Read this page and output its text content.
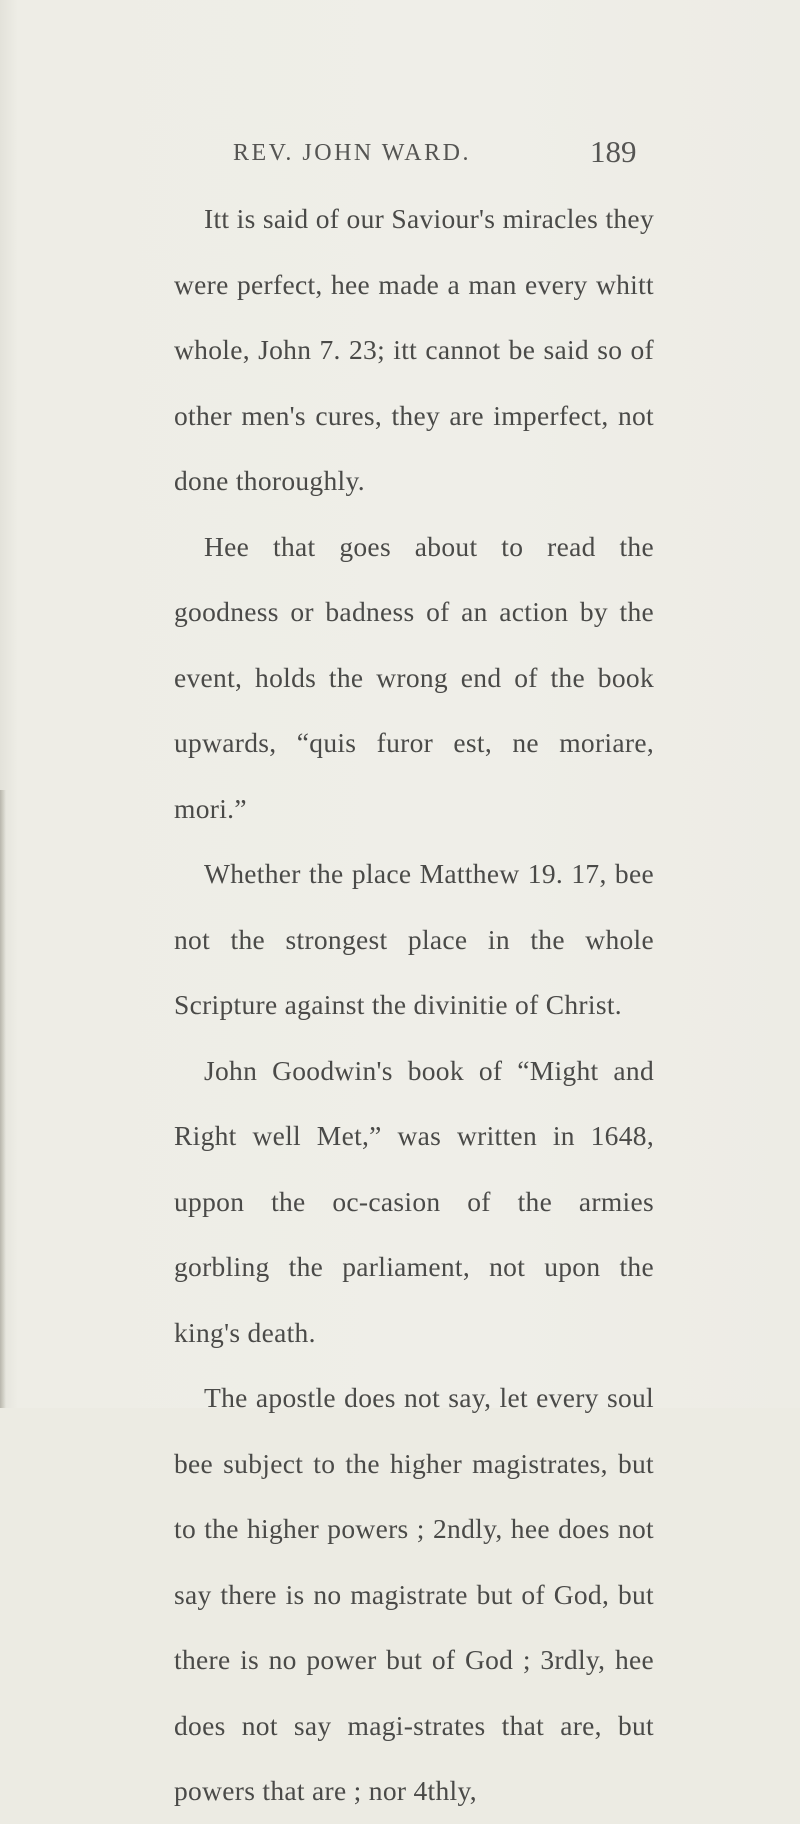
REV. JOHN WARD.	189

Itt is said of our Saviour's miracles they were perfect, hee made a man every whitt whole, John 7. 23; itt cannot be said so of other men's cures, they are imperfect, not done thoroughly.

Hee that goes about to read the goodness or badness of an action by the event, holds the wrong end of the book upwards, “quis furor est, ne moriare, mori.”

Whether the place Matthew 19. 17, bee not the strongest place in the whole Scripture against the divinitie of Christ.

John Goodwin's book of “Might and Right well Met,” was written in 1648, uppon the oc-casion of the armies gorbling the parliament, not upon the king's death.

The apostle does not say, let every soul bee subject to the higher magistrates, but to the higher powers ; 2ndly, hee does not say there is no magistrate but of God, but there is no power but of God ; 3rdly, hee does not say magi-strates that are, but powers that are ; nor 4thly,
